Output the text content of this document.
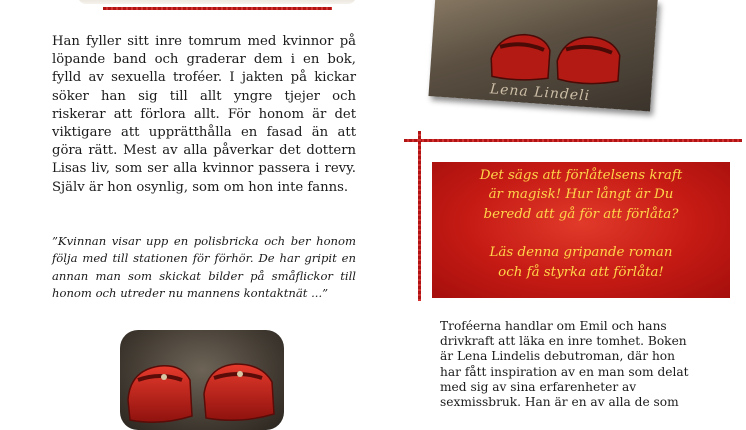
Han fyller sitt inre tomrum med kvinnor på löpande band och graderar dem i en bok, fylld av sexuella troféer. I jakten på kickar söker han sig till allt yngre tjejer och riskerar att förlora allt. För honom är det viktigare att upprätthålla en fasad än att göra rätt. Mest av alla påverkar det dottern Lisas liv, som ser alla kvinnor passera i revy. Själv är hon osynlig, som om hon inte fanns.
”Kvinnan visar upp en polisbricka och ber honom följa med till stationen för förhör. De har gripit en annan man som skickat bilder på småflickor till honom och utreder nu mannens kontaktnät ...”
Lena Lindeli

Det sägs att förlåtelsens kraft

är magisk! Hur långt är Du

beredd att gå för att förlåta?

Läs denna gripande roman

och få styrka att förlåta!

Troféerna handlar om Emil och hans
drivkraft att läka en inre tomhet. Boken
är Lena Lindelis debutroman, där hon
har fått inspiration av en man som delat
med sig av sina erfarenheter av
sexmissbruk. Han är en av alla de som
